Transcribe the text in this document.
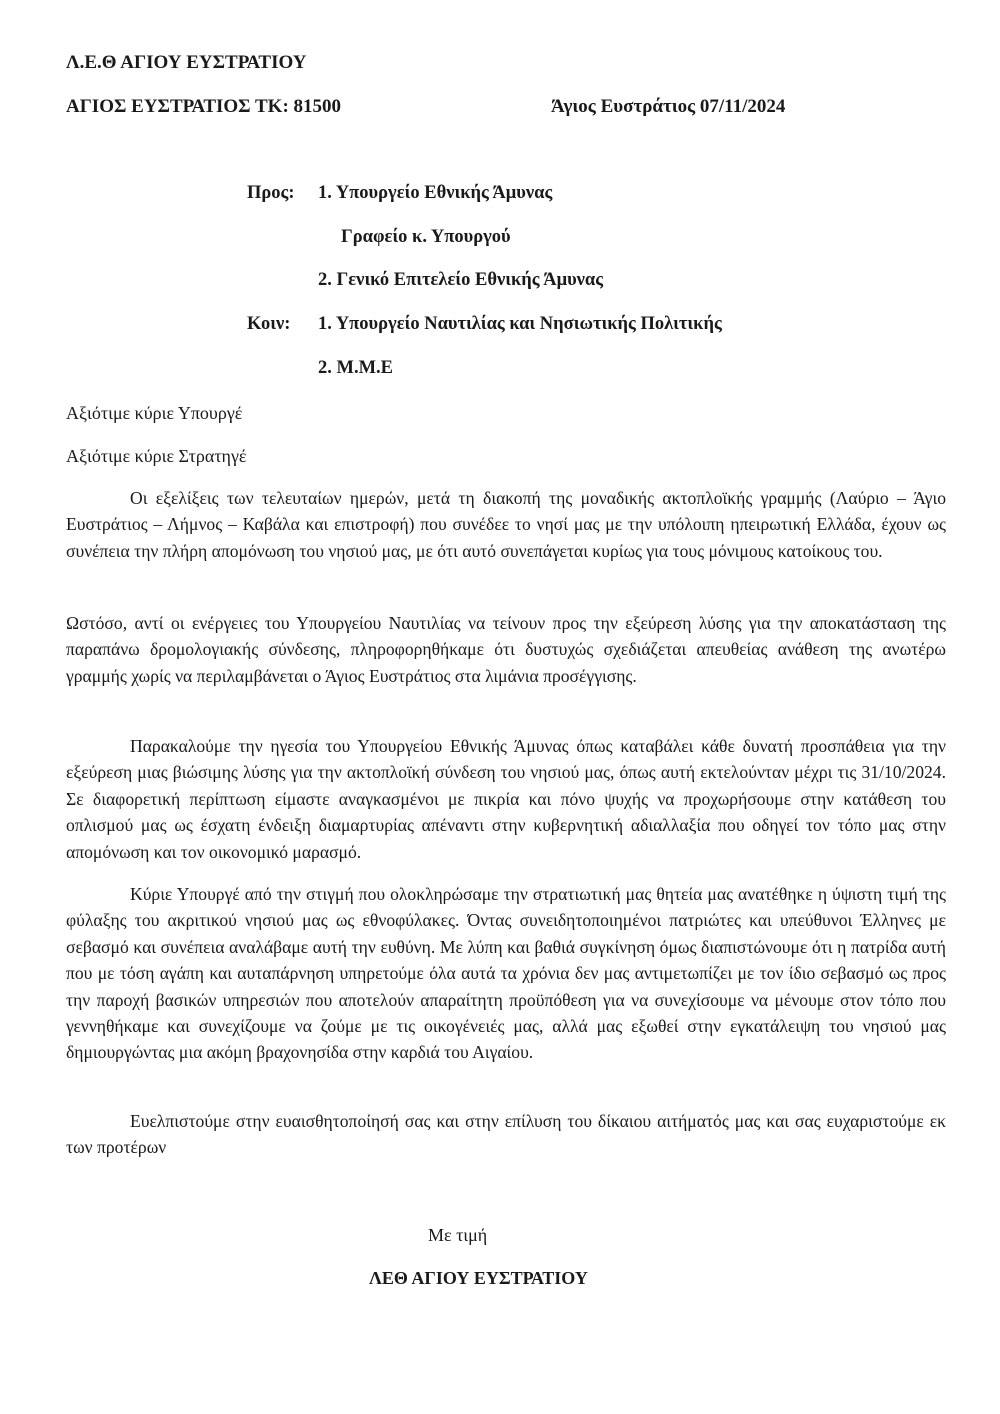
Λ.Ε.Θ ΑΓΙΟΥ ΕΥΣΤΡΑΤΙΟΥ
ΑΓΙΟΣ ΕΥΣΤΡΑΤΙΟΣ ΤΚ: 81500	Άγιος Ευστράτιος 07/11/2024
Προς: 1. Υπουργείο Εθνικής Άμυνας
Γραφείο κ. Υπουργού
2. Γενικό Επιτελείο Εθνικής Άμυνας
Κοιν: 1. Υπουργείο Ναυτιλίας και Νησιωτικής Πολιτικής
2. Μ.Μ.Ε
Αξιότιμε κύριε Υπουργέ
Αξιότιμε κύριε Στρατηγέ

Οι εξελίξεις των τελευταίων ημερών, μετά τη διακοπή της μοναδικής ακτοπλοϊκής γραμμής (Λαύριο – Άγιο Ευστράτιος – Λήμνος – Καβάλα και επιστροφή) που συνέδεε το νησί μας με την υπόλοιπη ηπειρωτική Ελλάδα, έχουν ως συνέπεια την πλήρη απομόνωση του νησιού μας, με ότι αυτό συνεπάγεται κυρίως για τους μόνιμους κατοίκους του.

Ωστόσο, αντί οι ενέργειες του Υπουργείου Ναυτιλίας να τείνουν προς την εξεύρεση λύσης για την αποκατάσταση της παραπάνω δρομολογιακής σύνδεσης, πληροφορηθήκαμε ότι δυστυχώς σχεδιάζεται απευθείας ανάθεση της ανωτέρω γραμμής χωρίς να περιλαμβάνεται ο Άγιος Ευστράτιος στα λιμάνια προσέγγισης.

Παρακαλούμε την ηγεσία του Υπουργείου Εθνικής Άμυνας όπως καταβάλει κάθε δυνατή προσπάθεια για την εξεύρεση μιας βιώσιμης λύσης για την ακτοπλοϊκή σύνδεση του νησιού μας, όπως αυτή εκτελούνταν μέχρι τις 31/10/2024. Σε διαφορετική περίπτωση είμαστε αναγκασμένοι με πικρία και πόνο ψυχής να προχωρήσουμε στην κατάθεση του οπλισμού μας ως έσχατη ένδειξη διαμαρτυρίας απέναντι στην κυβερνητική αδιαλλαξία που οδηγεί τον τόπο μας στην απομόνωση και τον οικονομικό μαρασμό.

Κύριε Υπουργέ από την στιγμή που ολοκληρώσαμε την στρατιωτική μας θητεία μας ανατέθηκε η ύψιστη τιμή της φύλαξης του ακριτικού νησιού μας ως εθνοφύλακες. Όντας συνειδητοποιημένοι πατριώτες και υπεύθυνοι Έλληνες με σεβασμό και συνέπεια αναλάβαμε αυτή την ευθύνη. Με λύπη και βαθιά συγκίνηση όμως διαπιστώνουμε ότι η πατρίδα αυτή που με τόση αγάπη και αυταπάρνηση υπηρετούμε όλα αυτά τα χρόνια δεν μας αντιμετωπίζει με τον ίδιο σεβασμό ως προς την παροχή βασικών υπηρεσιών που αποτελούν απαραίτητη προϋπόθεση για να συνεχίσουμε να μένουμε στον τόπο που γεννηθήκαμε και συνεχίζουμε να ζούμε με τις οικογένειές μας, αλλά μας εξωθεί στην εγκατάλειψη του νησιού μας δημιουργώντας μια ακόμη βραχονησίδα στην καρδιά του Αιγαίου.

Ευελπιστούμε στην ευαισθητοποίησή σας και στην επίλυση του δίκαιου αιτήματός μας και σας ευχαριστούμε εκ των προτέρων

Με τιμή
ΛΕΘ ΑΓΙΟΥ ΕΥΣΤΡΑΤΙΟΥ
